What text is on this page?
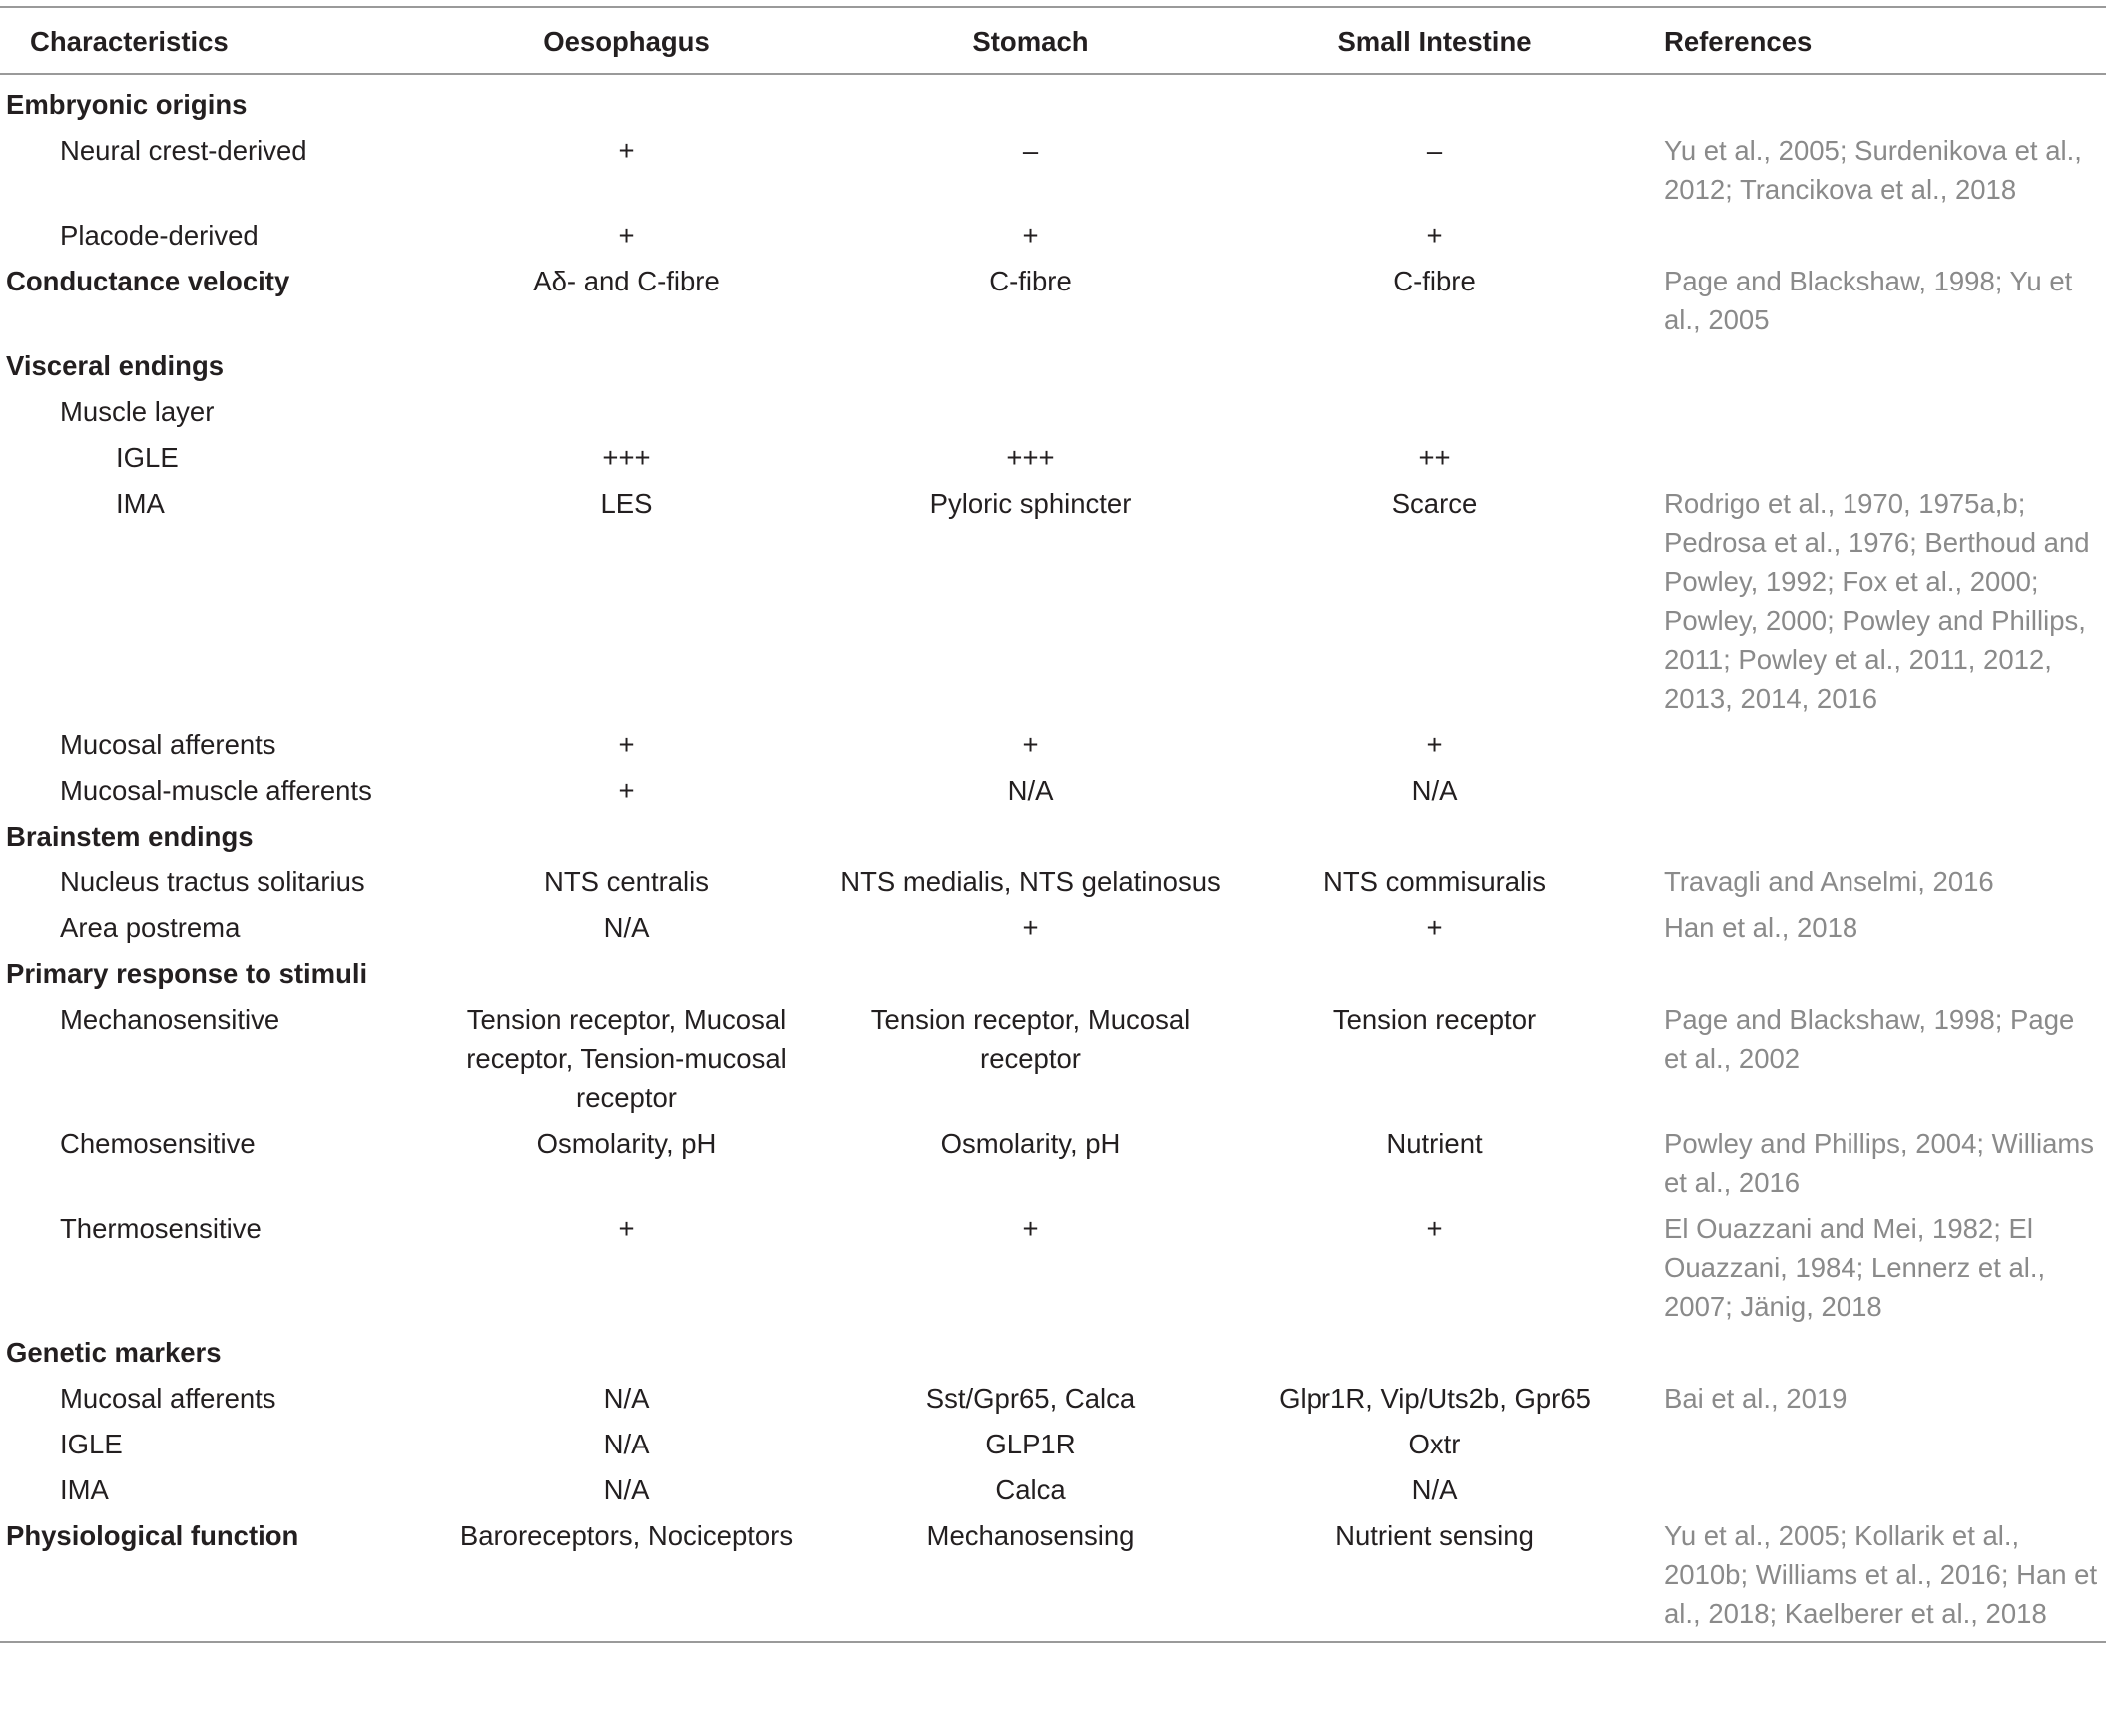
Characteristics	Oesophagus	Stomach	Small Intestine	References
Embryonic origins				
Neural crest-derived	+	–	–	Yu et al., 2005; Surdenikova et al., 2012; Trancikova et al., 2018
Placode-derived	+	+	+	
Conductance velocity	Aδ- and C-fibre	C-fibre	C-fibre	Page and Blackshaw, 1998; Yu et al., 2005
Visceral endings				
Muscle layer				
IGLE	+++	+++	++	
IMA	LES	Pyloric sphincter	Scarce	Rodrigo et al., 1970, 1975a,b; Pedrosa et al., 1976; Berthoud and Powley, 1992; Fox et al., 2000; Powley, 2000; Powley and Phillips, 2011; Powley et al., 2011, 2012, 2013, 2014, 2016
Mucosal afferents	+	+	+	
Mucosal-muscle afferents	+	N/A	N/A	
Brainstem endings				
Nucleus tractus solitarius	NTS centralis	NTS medialis, NTS gelatinosus	NTS commisuralis	Travagli and Anselmi, 2016
Area postrema	N/A	+	+	Han et al., 2018
Primary response to stimuli				
Mechanosensitive	Tension receptor, Mucosal receptor, Tension-mucosal receptor	Tension receptor, Mucosal receptor	Tension receptor	Page and Blackshaw, 1998; Page et al., 2002
Chemosensitive	Osmolarity, pH	Osmolarity, pH	Nutrient	Powley and Phillips, 2004; Williams et al., 2016
Thermosensitive	+	+	+	El Ouazzani and Mei, 1982; El Ouazzani, 1984; Lennerz et al., 2007; Jänig, 2018
Genetic markers				
Mucosal afferents	N/A	Sst/Gpr65, Calca	Glpr1R, Vip/Uts2b, Gpr65	Bai et al., 2019
IGLE	N/A	GLP1R	Oxtr	
IMA	N/A	Calca	N/A	
Physiological function	Baroreceptors, Nociceptors	Mechanosensing	Nutrient sensing	Yu et al., 2005; Kollarik et al., 2010b; Williams et al., 2016; Han et al., 2018; Kaelberer et al., 2018
